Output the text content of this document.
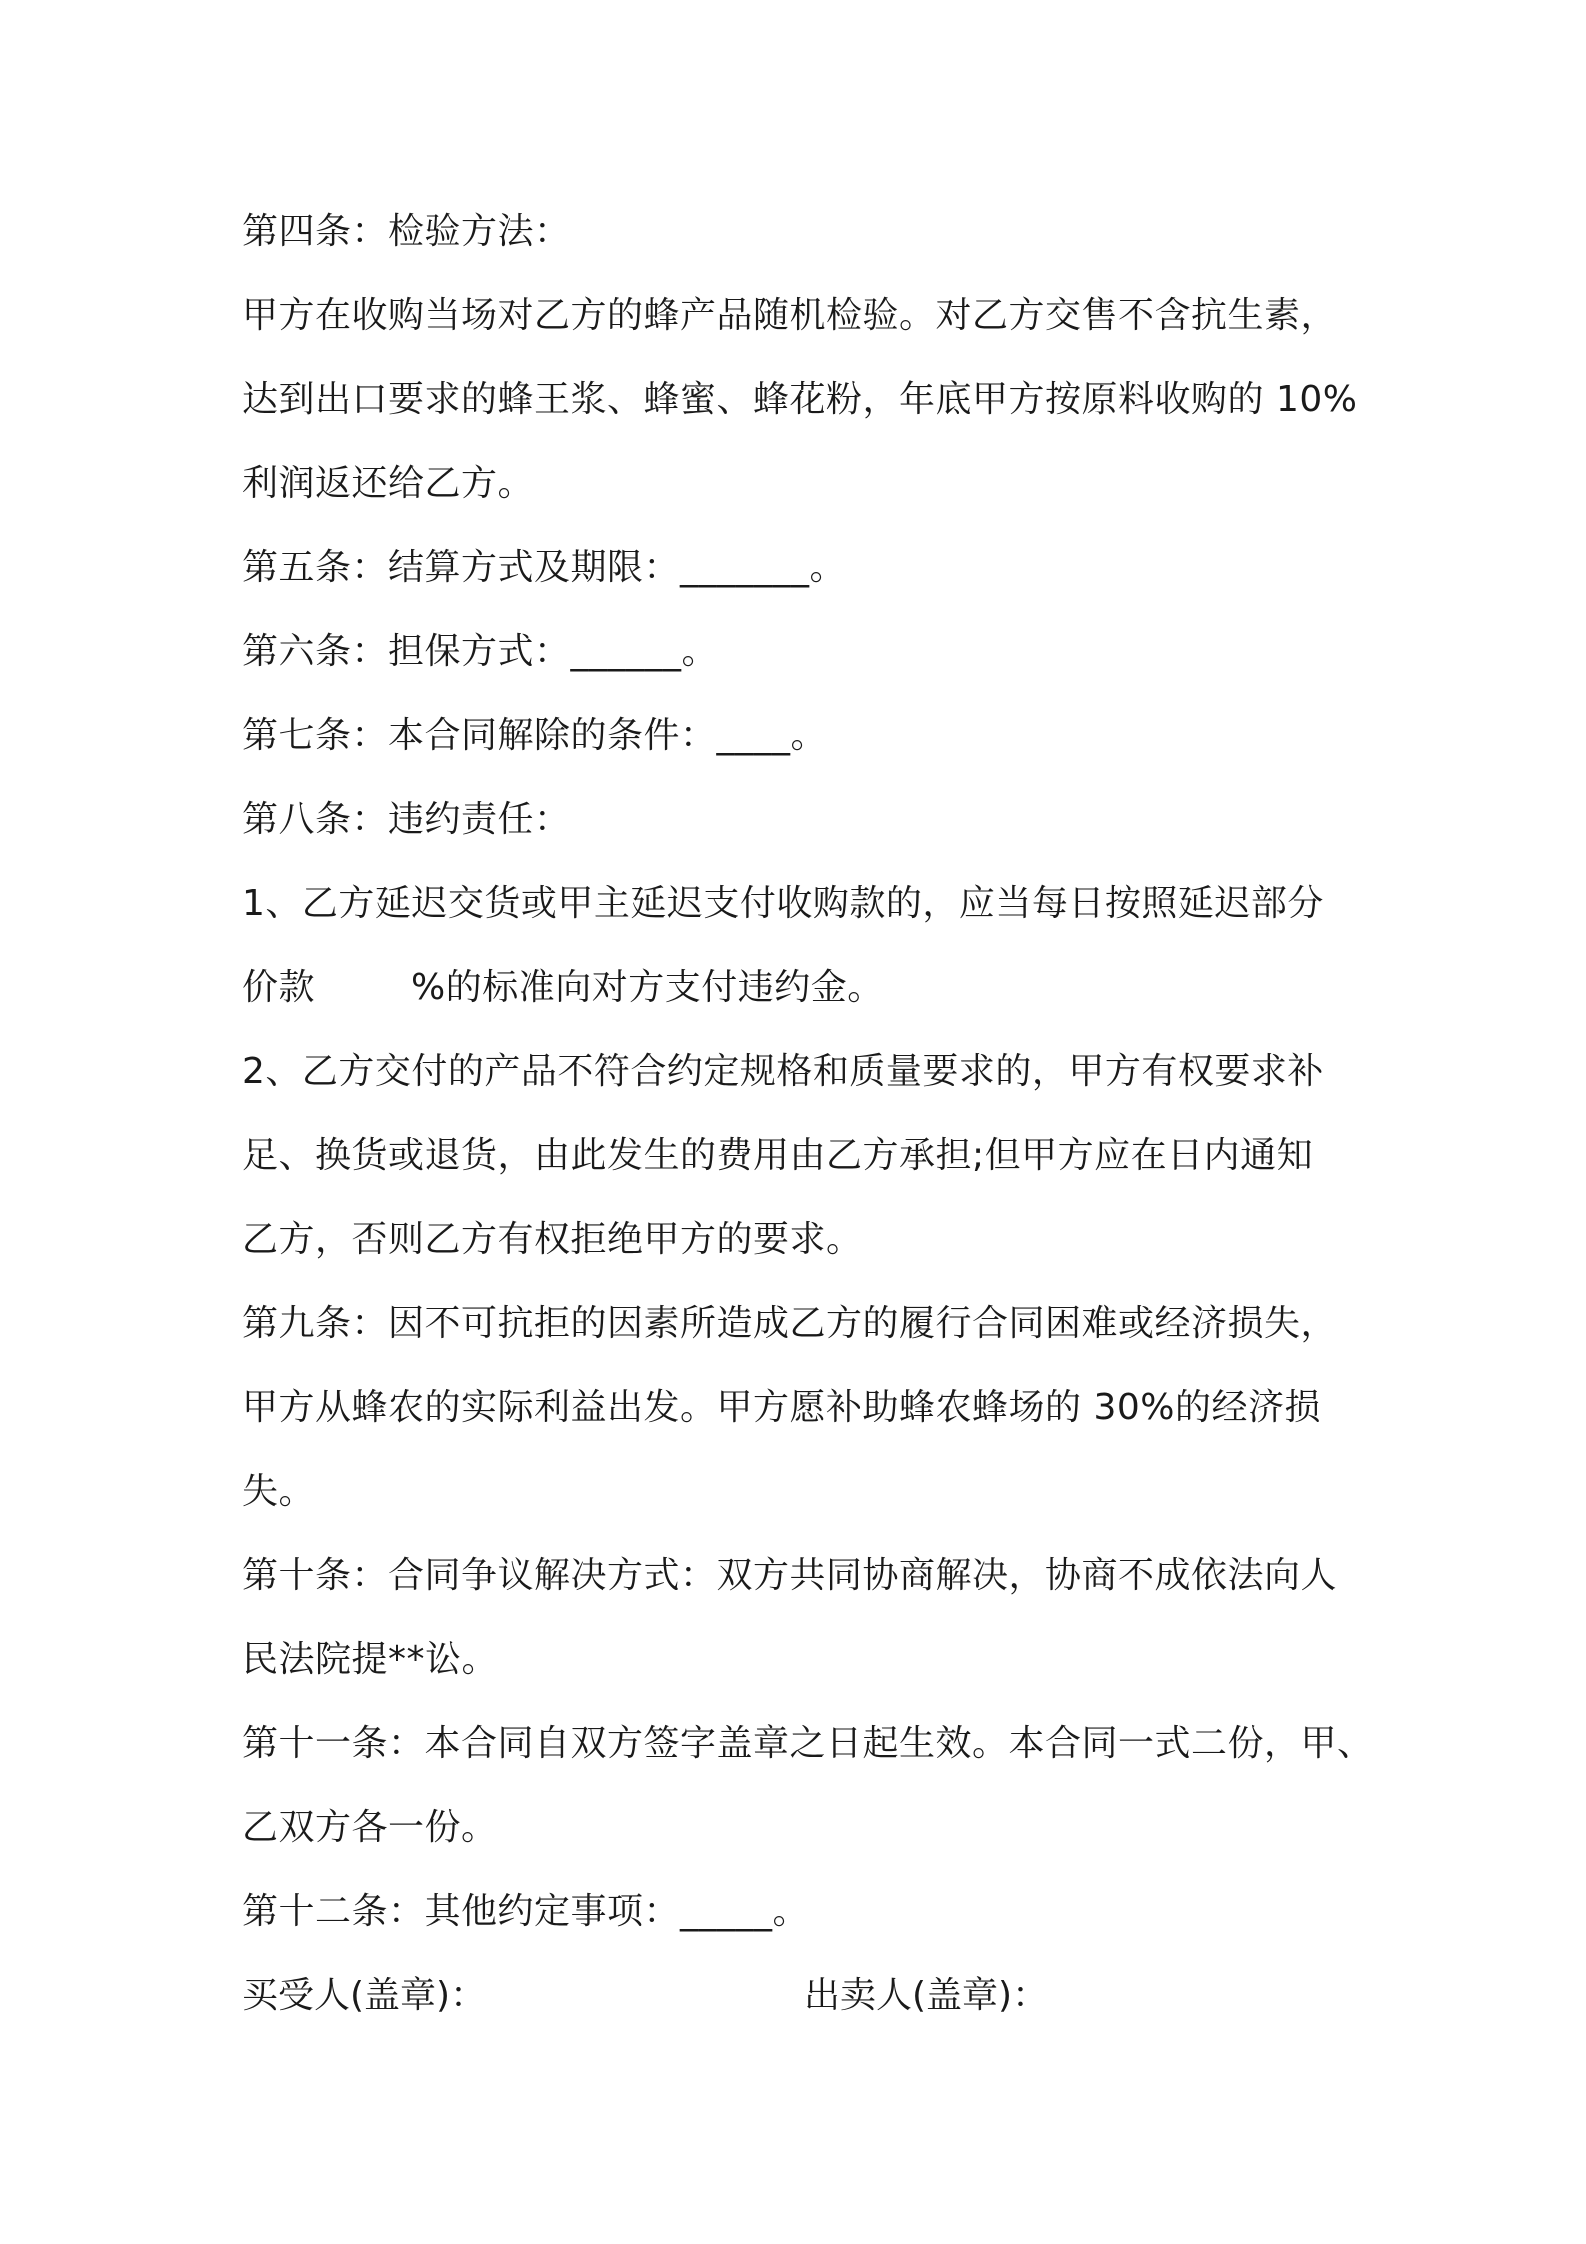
第四条：检验方法：
甲方在收购当场对乙方的蜂产品随机检验。对乙方交售不含抗生素，
达到出口要求的蜂王浆、蜂蜜、蜂花粉，年底甲方按原料收购的 10%
利润返还给乙方。
第五条：结算方式及期限：_______。
第六条：担保方式：______。
第七条：本合同解除的条件：____。
第八条：违约责任：
1、乙方延迟交货或甲主延迟支付收购款的，应当每日按照延迟部分
价款	%的标准向对方支付违约金。
2、乙方交付的产品不符合约定规格和质量要求的，甲方有权要求补
足、换货或退货，由此发生的费用由乙方承担;但甲方应在日内通知
乙方，否则乙方有权拒绝甲方的要求。
第九条：因不可抗拒的因素所造成乙方的履行合同困难或经济损失，
甲方从蜂农的实际利益出发。甲方愿补助蜂农蜂场的 30%的经济损
失。
第十条：合同争议解决方式：双方共同协商解决，协商不成依法向人
民法院提**讼。
第十一条：本合同自双方签字盖章之日起生效。本合同一式二份，甲、
乙双方各一份。
第十二条：其他约定事项：_____。
买受人(盖章)：	出卖人(盖章)：
